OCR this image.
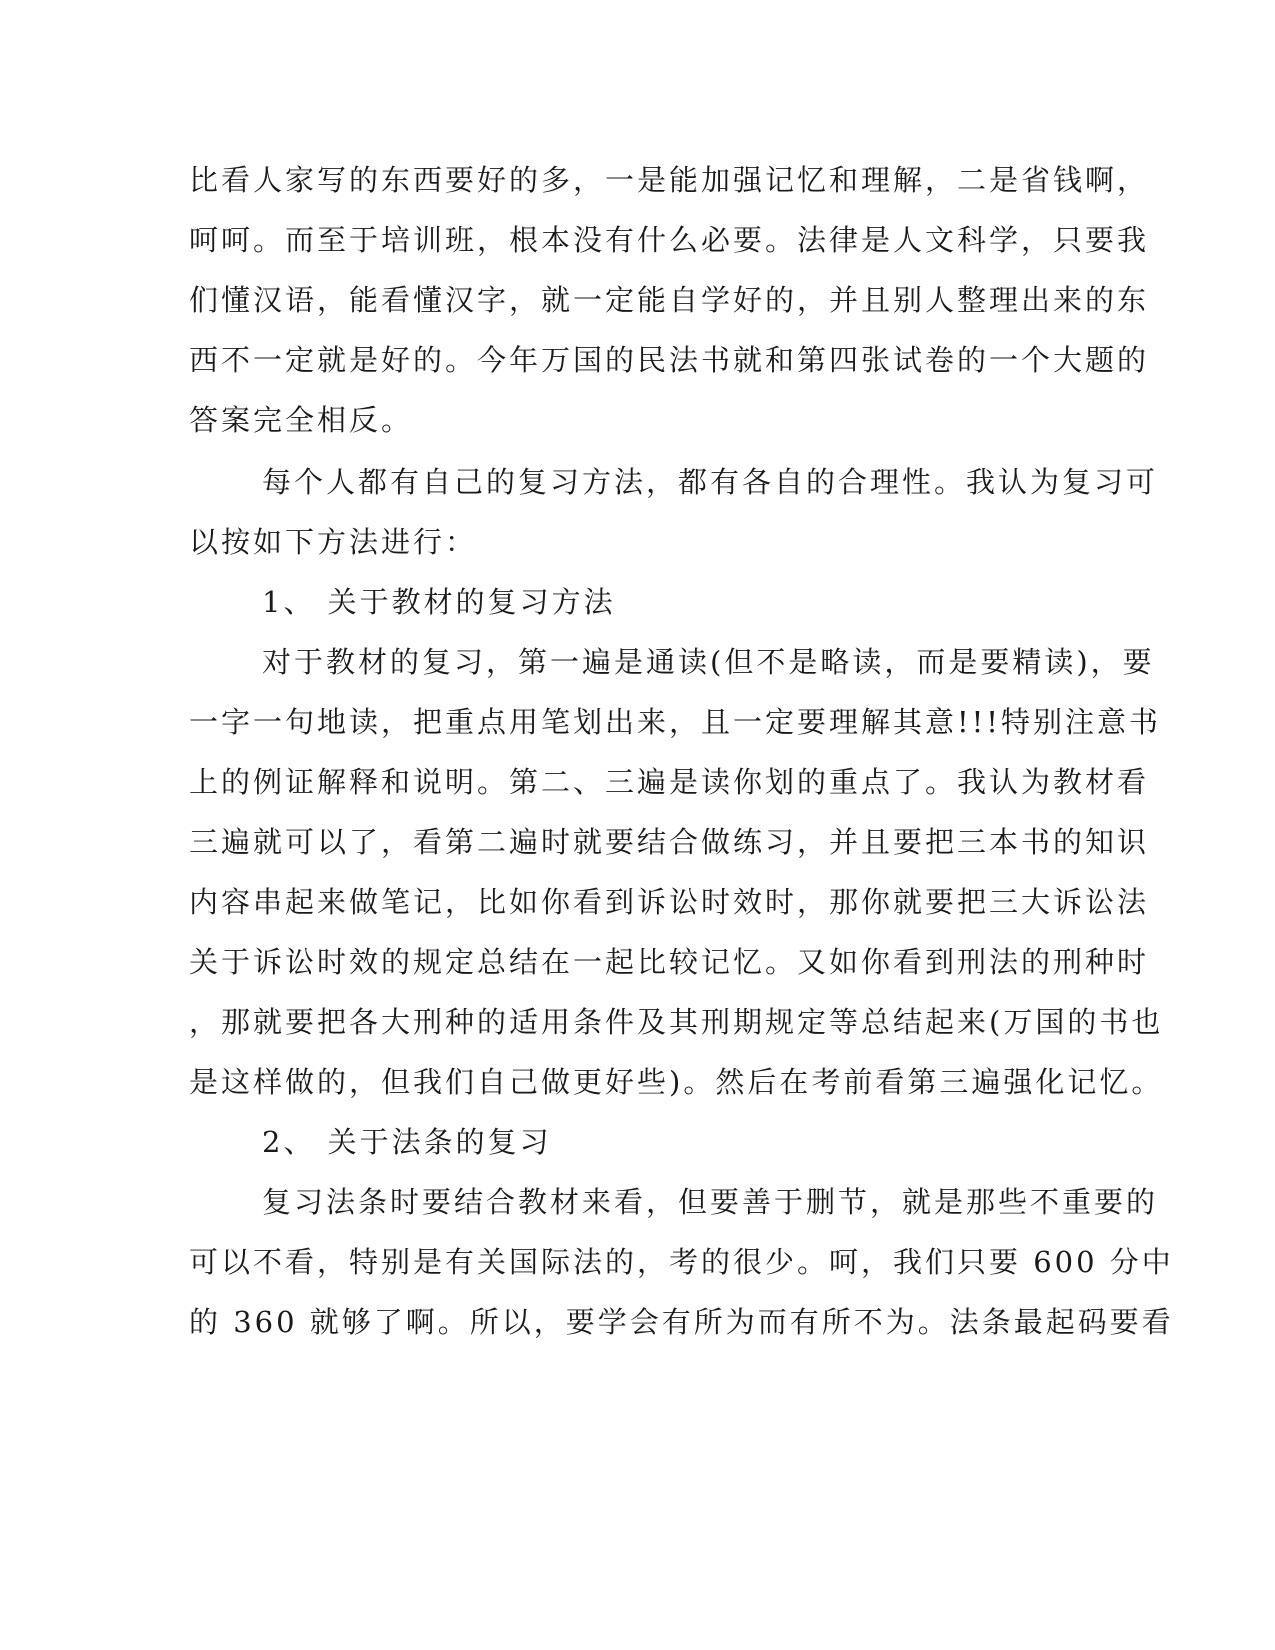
比看人家写的东西要好的多，一是能加强记忆和理解，二是省钱啊，
呵呵。而至于培训班，根本没有什么必要。法律是人文科学，只要我
们懂汉语，能看懂汉字，就一定能自学好的，并且别人整理出来的东
西不一定就是好的。今年万国的民法书就和第四张试卷的一个大题的
答案完全相反。
每个人都有自己的复习方法，都有各自的合理性。我认为复习可
以按如下方法进行：
1、 关于教材的复习方法
对于教材的复习，第一遍是通读(但不是略读，而是要精读)，要
一字一句地读，把重点用笔划出来，且一定要理解其意!!!特别注意书
上的例证解释和说明。第二、三遍是读你划的重点了。我认为教材看
三遍就可以了，看第二遍时就要结合做练习，并且要把三本书的知识
内容串起来做笔记，比如你看到诉讼时效时，那你就要把三大诉讼法
关于诉讼时效的规定总结在一起比较记忆。又如你看到刑法的刑种时
，那就要把各大刑种的适用条件及其刑期规定等总结起来(万国的书也
是这样做的，但我们自己做更好些)。然后在考前看第三遍强化记忆。
2、 关于法条的复习
复习法条时要结合教材来看，但要善于删节，就是那些不重要的
可以不看，特别是有关国际法的，考的很少。呵，我们只要 600 分中
的 360 就够了啊。所以，要学会有所为而有所不为。法条最起码要看
